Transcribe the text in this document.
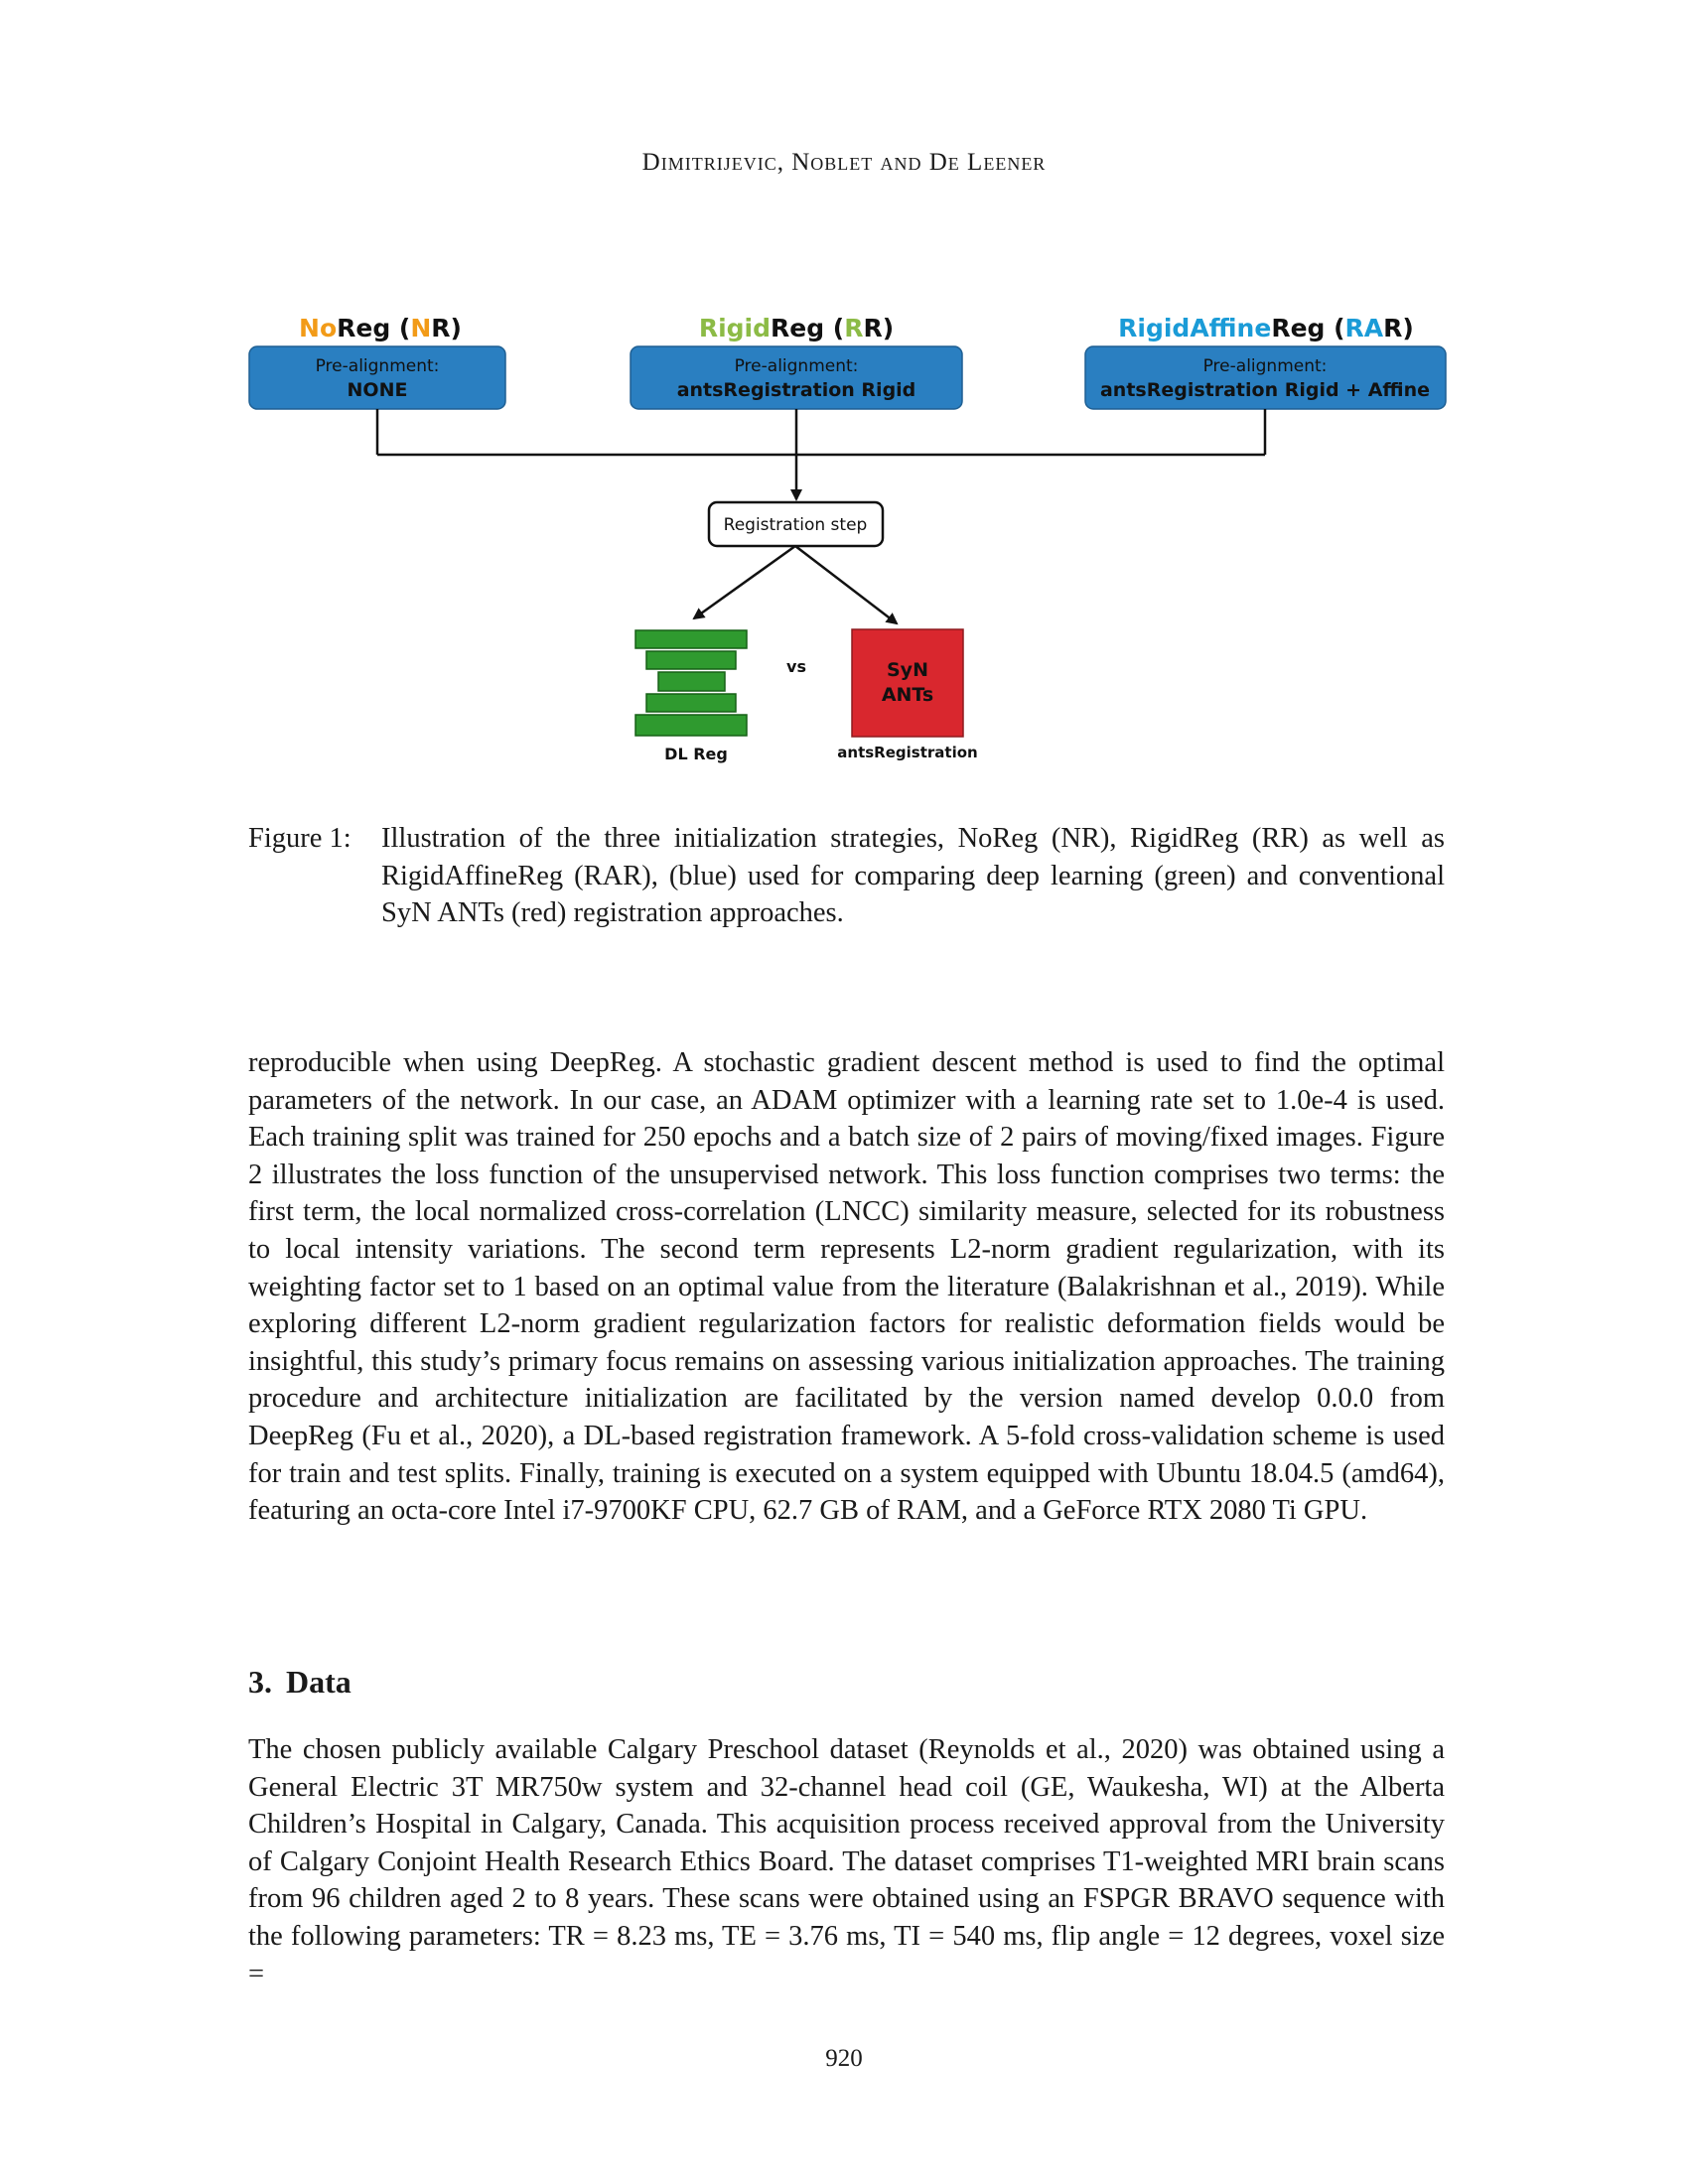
Dimitrijevic, Noblet and De Leener
NoReg (NR)	RigidReg (RR)	RigidAffineReg (RAR)
Pre-alignment:
NONE
Pre-alignment:
antsRegistration Rigid
Pre-alignment:
antsRegistration Rigid + Affine
Registration step
DL Reg
vs	SyN
ANTs
antsRegistration
Figure 1: Illustration of the three initialization strategies, NoReg (NR), RigidReg (RR) as well as RigidAffineReg (RAR), (blue) used for comparing deep learning (green) and conventional SyN ANTs (red) registration approaches.
reproducible when using DeepReg. A stochastic gradient descent method is used to find the optimal parameters of the network. In our case, an ADAM optimizer with a learning rate set to 1.0e-4 is used. Each training split was trained for 250 epochs and a batch size of 2 pairs of moving/fixed images. Figure 2 illustrates the loss function of the unsupervised network. This loss function comprises two terms: the first term, the local normalized cross-correlation (LNCC) similarity measure, selected for its robustness to local intensity variations. The second term represents L2-norm gradient regularization, with its weighting factor set to 1 based on an optimal value from the literature (Balakrishnan et al., 2019). While exploring different L2-norm gradient regularization factors for realistic deformation fields would be insightful, this study’s primary focus remains on assessing various initialization approaches. The training procedure and architecture initialization are facilitated by the version named develop 0.0.0 from DeepReg (Fu et al., 2020), a DL-based registration framework. A 5-fold cross-validation scheme is used for train and test splits. Finally, training is executed on a system equipped with Ubuntu 18.04.5 (amd64), featuring an octa-core Intel i7-9700KF CPU, 62.7 GB of RAM, and a GeForce RTX 2080 Ti GPU.
3. Data
The chosen publicly available Calgary Preschool dataset (Reynolds et al., 2020) was obtained using a General Electric 3T MR750w system and 32-channel head coil (GE, Waukesha, WI) at the Alberta Children’s Hospital in Calgary, Canada. This acquisition process received approval from the University of Calgary Conjoint Health Research Ethics Board. The dataset comprises T1-weighted MRI brain scans from 96 children aged 2 to 8 years. These scans were obtained using an FSPGR BRAVO sequence with the following parameters: TR = 8.23 ms, TE = 3.76 ms, TI = 540 ms, flip angle = 12 degrees, voxel size =
920
